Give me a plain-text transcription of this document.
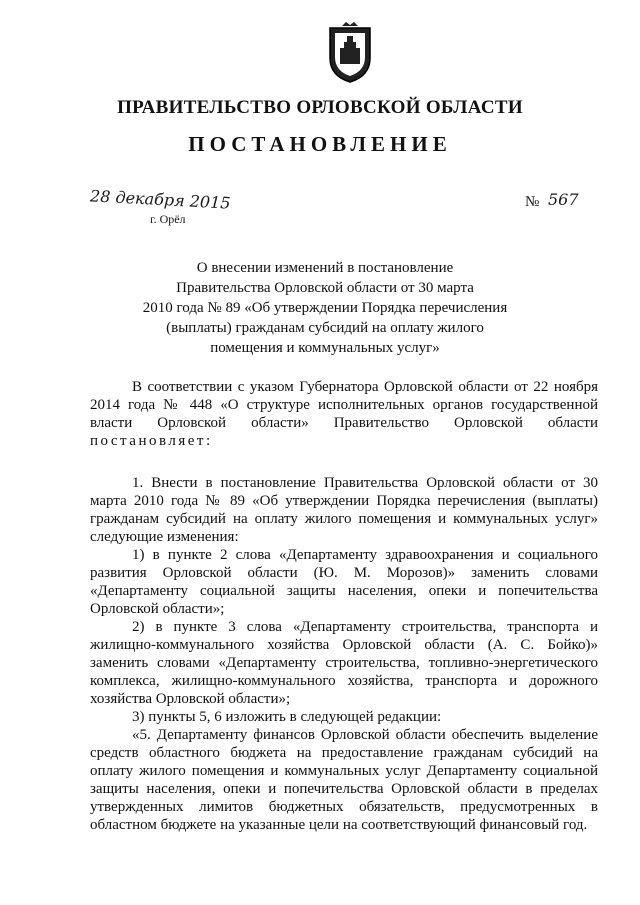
ПРАВИТЕЛЬСТВО ОРЛОВСКОЙ ОБЛАСТИ
ПОСТАНОВЛЕНИЕ
28 декабря 2015
г. Орёл
№ 567
О внесении изменений в постановление
Правительства Орловской области от 30 марта
2010 года № 89 «Об утверждении Порядка перечисления
(выплаты) гражданам субсидий на оплату жилого
помещения и коммунальных услуг»

В соответствии с указом Губернатора Орловской области от 22 ноября 2014 года № 448 «О структуре исполнительных органов государственной власти Орловской области» Правительство Орловской области постановляет:

1. Внести в постановление Правительства Орловской области от 30 марта 2010 года № 89 «Об утверждении Порядка перечисления (выплаты) гражданам субсидий на оплату жилого помещения и коммунальных услуг» следующие изменения:

1) в пункте 2 слова «Департаменту здравоохранения и социального развития Орловской области (Ю. М. Морозов)» заменить словами «Департаменту социальной защиты населения, опеки и попечительства Орловской области»;

2) в пункте 3 слова «Департаменту строительства, транспорта и жилищно-коммунального хозяйства Орловской области (А. С. Бойко)» заменить словами «Департаменту строительства, топливно-энергетического комплекса, жилищно-коммунального хозяйства, транспорта и дорожного хозяйства Орловской области»;

3) пункты 5, 6 изложить в следующей редакции:

«5. Департаменту финансов Орловской области обеспечить выделение средств областного бюджета на предоставление гражданам субсидий на оплату жилого помещения и коммунальных услуг Департаменту социальной защиты населения, опеки и попечительства Орловской области в пределах утвержденных лимитов бюджетных обязательств, предусмотренных в областном бюджете на указанные цели на соответствующий финансовый год.
